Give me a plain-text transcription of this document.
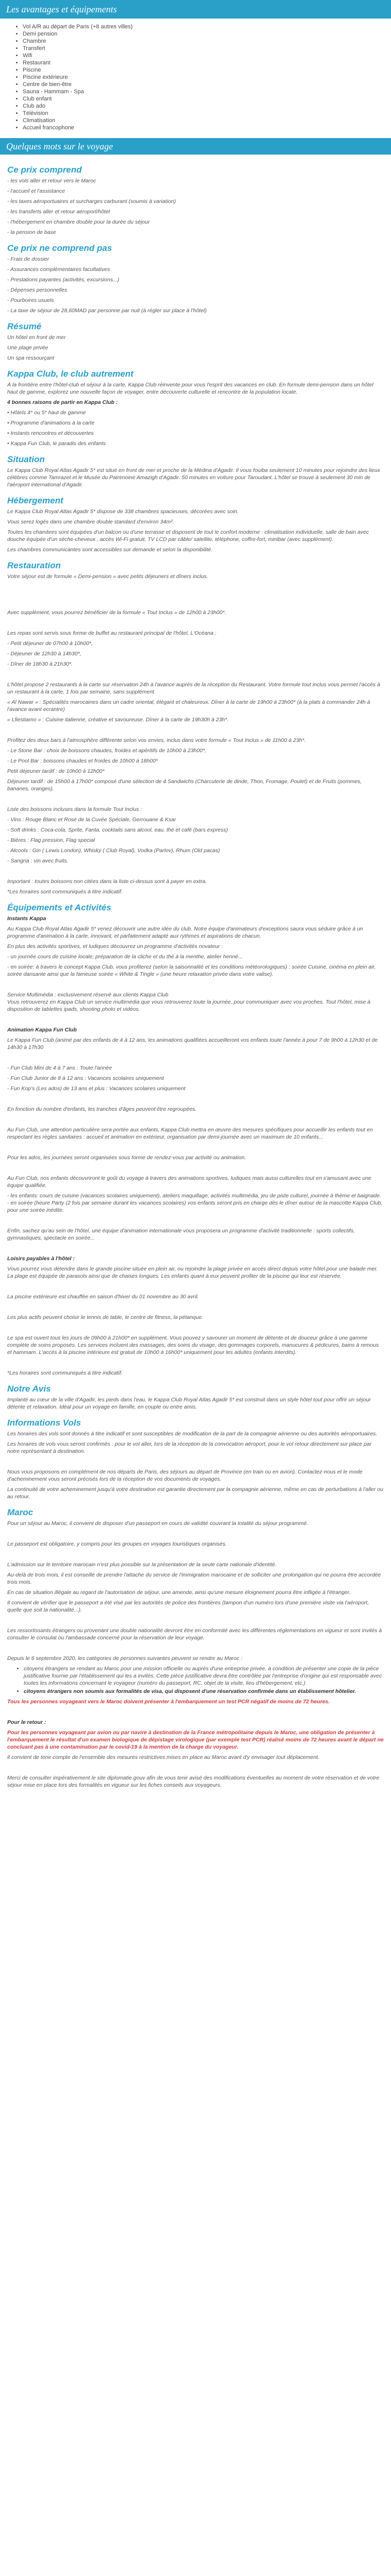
Les avantages et équipements
• Vol A/R au départ de Paris (+8 autres villes)
• Demi pension
• Chambre
• Transfert
• Wifi
• Restaurant
• Piscine
• Piscine extérieure
• Centre de bien-être
• Sauna - Hammam - Spa
• Club enfant
• Club ado
• Télévision
• Climatisation
• Accueil francophone
Quelques mots sur le voyage
Ce prix comprend
- les vols aller et retour vers le Maroc
- l'accueil et l'assistance
- les taxes aéroportuaires et surcharges carburant (soumis à variation)
- les transferts aller et retour aéroport/hôtel
- l'hébergement en chambre double pour la durée du séjour
- la pension de base
Ce prix ne comprend pas
- Frais de dossier
- Assurances complémentaires facultatives
- Prestations payantes (activités, excursions...)
- Dépenses personnelles
- Pourboires usuels
- La taxe de séjour de 28,60MAD par personne par nuit (à régler sur place à l'hôtel)
Résumé
Un hôtel en front de mer
Une plage privée
Un spa ressourçant
Kappa Club, le club autrement
À la frontière entre l'hôtel-club et séjour à la carte, Kappa Club réinvente pour vous l'esprit des vacances en club. En formule demi-pension dans un hôtel haut de gamme, explorez une nouvelle façon de voyager, entre découverte culturelle et rencontre de la population locale.
4 bonnes raisons de partir en Kappa Club :
• Hôtels 4* ou 5* haut de gamme
• Programme d'animations à la carte
• Instants rencontres et découvertes
• Kappa Fun Club, le paradis des enfants
Situation
Le Kappa Club Royal Atlas Agadir 5* est situé en front de mer et proche de la Médina d'Agadir. Il vous fouiba seulement 10 minutes pour rejoindre des lieux célèbres comme Tamrazet et le Musée du Patrimoine Amazigh d'Agadir. 50 minutes en voiture pour Taroudant. L'hôtel se trouve à seulement 30 min de l'aéroport international d'Agadir.
Hébergement
Le Kappa Club Royal Atlas Agadir 5* dispose de 338 chambres spacieuses, décorées avec soin.
Vous serez logés dans une chambre double standard d'environ 34m².
Toutes les chambres sont équipées d'un balcon ou d'une terrasse et disposent de tout le confort moderne : climatisation individuelle, salle de bain avec douche équipée d'un sèche-cheveux , accès Wi-Fi gratuit, TV LCD par câble/ satellite, téléphone, coffre-fort, minibar (avec supplément).
Les chambres communicantes sont accessibles sur demande et selon la disponibilité.
Restauration
Votre séjour est de formule « Demi-pension » avec petits déjeuners et dîners inclus.
Avec supplément, vous pourrez bénéficier de la formule « Tout Inclus » de 12h00 à 23h00*.
Les repas sont servis sous forme de buffet au restaurant principal de l'hôtel, L'Océana :
- Petit déjeuner de 07h00 à 10h00*,
- Déjeuner de 12h30 à 14h30*,
- Dîner de 18h30 à 21h30*.
L'hôtel propose 2 restaurants à la carte sur réservation 24h à l'avance auprès de la réception du Restaurant. Votre formule tout inclus vous permet l'accès à un restaurant à la carte, 1 fois par semaine, sans supplément.
« Al Nawar » : Spécialités marocaines dans un cadre oriental, élégant et chaleureux. Dîner à la carte de 19h00 à 23h00* (à la plats à commander 24h à l'avance avant ecrantre)
« Lfiestiamo » : Cuisine italienne, créative et savoureuse. Dîner à la carte de 19h30h à 23h*.
Profitez des deux bars à l'atmosphère différente selon vos envies, inclus dans votre formule « Tout Inclus » de 11h00 à 23h*.
- Le Stone Bar : choix de boissons chaudes, froides et apéritifs de 10h00 à 23h00*,
- Le Pool Bar : boissons chaudes et froides de 10h00 à 18h00*
Petit déjeuner tardif : de 10h00 à 12h00*
Déjeuner tardif : de 15h00 à 17h00* composé d'une sélection de 4 Sandwichs (Charcuterie de dinde, Thon, Fromage, Poulet) et de Fruits (pommes, bananes, oranges).
Liste des boissons incluses dans la formule Tout Inclus :
- Vins : Rouge Blanc et Rosé de la Cuvée Spéciale, Gerrouane & Ksar
- Soft drinks : Coca-cola, Sprite, Fanta, cocktails sans alcool, eau, thé et café (bars express)
- Bières : Flag pression, Flag special
- Alcools : Gin ( Lewis London), Whisky ( Club Royal), Vodka (Parlov), Rhum (Old pacas)
- Sangria : vin avec fruits.
Important : toutes boissons non citées dans la liste ci-dessus sont à payer en extra.
*Les horaires sont communiqués à titre indicatif.
Équipements et Activités
Instants Kappa
Au Kappa Club Royal Atlas Agadir 5* venez découvrir une autre idée du club. Notre équipe d'animateurs d'exceptions saura vous séduire grâce à un programme d'animation à la carte, innovant, et parfaitement adapté aux rythmes et aspirations de chacun.
En plus des activités sportives, et ludiques découvrez un programme d'activités novateur :
- un journée cours de cuisine locale, préparation de la cliche et du thé à la menthe, atelier henné...
- en soirée: à travers le concept Kappa Club, vous profiterez (selon la saisonnalité et les conditions météorologiques) : soirée Cuisine, cinéma en plein air, soirée dansante ainsi que la fameuse soirée « White & Tingle » (une heure relaxation privée dans votre valise).
Service Multimédia : exclusivement réservé aux clients Kappa Club
Vous retrouverez en Kappa Club un service multimédia que vous retrouverez toute la journée, pour communiquer avec vos proches. Tout l'hôtel, mise à disposition de tablettes ipads, shooting photo et vidéos.
Animation Kappa Fun Club
Le Kappa Fun Club (animé par des enfants de 4 à 12 ans, les animations qualifiées accueilleront vos enfants toute l'année à pour 7 de 9h00 à 12h30 et de 14h30 à 17h30
- Fun Club Mini de 4 à 7 ans : Toute l'année
- Fun Club Junior de 8 à 12 ans : Vacances scolaires uniquement
- Fun Kop's (Les ados) de 13 ans et plus : Vacances scolaires uniquement
En fonction du nombre d'enfants, les tranches d'âges peuvent être regroupées.
Au Fun Club, une attention particulière sera portée aux enfants, Kappa Club mettra en œuvre des mesures spécifiques pour accueillir les enfants tout en respectant les règles sanitaires : accueil et animation en extérieur, organisation par demi-journée avec un maximum de 10 enfants...
Pour les ados, les journées seront organisées sous forme de rendez-vous par activité ou animation.
Au Fun Club, nos enfants découvriront le goût du voyage à travers des animations sportives, ludiques mais aussi culturelles tout en s'amusant avec une équipe qualifiée.
- les enfants: cours de cuisine (vacances scolaires uniquement), ateliers maquillage, activités multimédia, jeu de piste culturel, journée à thème et baignade.
- en soirée (heure Party (2 fois par semaine durant les vacances scolaires) vos enfants seront pris en charge dès le dîner autour de la mascotte Kappa Club, pour une soirée inédite.
Enfin, sachez qu'au sein de l'hôtel, une équipe d'animation internationale vous proposera un programme d'activité traditionnelle : sports collectifs, gymnastiques, spectacle en soirée...
Loisirs payables à l'hôtel :
Vous pourrez vous détendre dans le grande piscine située en plein air, ou rejoindre la plage privée en accès direct depuis votre hôtel pour une balade mer. La plage est équipée de parasols ainsi que de chaises longues. Les enfants quant à eux peuvent profiter de la piscine qui leur est réservée.
La piscine extérieure est chauffée en saison d'hiver du 01 novembre au 30 avril.
Les plus actifs peuvent choisir le tennis de table, le centre de fitness, la pétanque.
Le spa est ouvert tous les jours de 09h00 à 21h00* en supplément. Vous pouvez y savourer un moment de détente et de douceur grâce à une gamme complète de soins proposés. Les services incluent des massages, des soins du visage, des gommages corporels, manucures & pédicures, bains à remous et hammam. L'accès à la piscine intérieure est gratuit de 10h00 à 16h00* uniquement pour les adultes (enfants interdits).
*Les horaires sont communiqués à titre indicatif.
Notre Avis
Implanté au cœur de la ville d'Agadir, les pieds dans l'eau, le Kappa Club Royal Atlas Agadir 5* est construit dans un style hôtel tout pour offrir un séjour détente et relaxation. Idéal pour un voyage en famille, en couple ou entre amis.
Informations Vols
Les horaires des vols sont donnés à titre indicatif et sont susceptibles de modification de la part de la compagnie aérienne ou des autorités aéroportuaires.
Les horaires de vols vous seront confirmés : pour le vol aller, lors de la réception de la convocation aéroport, pour le vol retour directement sur place par notre représentant à destination.
Nous vous proposons en complément de nos départs de Paris, des séjours au départ de Province (en train ou en avion). Contactez-nous et le mode d'acheminement vous seront précisés lors de la réception de vos documents de voyages.
La continuité de votre acheminement jusqu'à votre destination est garantie directement par la compagnie aérienne, même en cas de perturbations à l'aller ou au retour.
Maroc
Pour un séjour au Maroc, il convient de disposer d'un passeport en cours de validité couvrant la totalité du séjour programmé.
Le passeport est obligatoire, y compris pour les groupes en voyages touristiques organisés.
L'admission sur le territoire marocain n'est plus possible sur la présentation de la seule carte nationale d'identité.
Au-delà de trois mois, il est conseillé de prendre l'attache du service de l'immigration marocaine et de solliciter une prolongation qui ne pourra être accordée trois mois.
En cas de situation illégale au regard de l'autorisation de séjour, une amende, ainsi qu'une mesure éloignement pourra être infligée à l'étranger.
Il convient de vérifier que le passeport a été visé par les autorités de police des frontières (tampon d'un numéro lors d'une première visite via l'aéroport, quelle que soit la nationalité...).
Les ressortissants étrangers ou provenant une double nationalité devront être en conformité avec les différentes réglementations en vigueur et sont invités à consulter le consulat ou l'ambassade concerné pour la réservation de leur voyage.
Depuis le 6 septembre 2020, les catégories de personnes suivantes peuvent se rendre au Maroc :
• citoyens étrangers se rendant au Maroc pour une mission officielle ou auprès d'une entreprise privée, à condition de présenter une copie de la pièce justificative fournie par l'établissement qui les a invités. Cette pièce justificative devra être contrôlée par l'entreprise d'origine qui est responsable avec toutes les informations concernant le voyageur (numéro du passeport, RC, objet de la visite, lieu d'hébergement, etc.)
• citoyens étrangers non soumis aux formalités de visa, qui disposent d'une réservation confirmée dans un établissement hôtelier.
Tous les personnes voyageant vers le Maroc doivent présenter à l'embarquement un test PCR négatif de moins de 72 heures.
Pour le retour :
Pour les personnes voyageant par avion ou par navire à destination de la France métropolitaine depuis le Maroc, une obligation de présenter à l'embarquement le résultat d'un examen biologique de dépistage virologique (par exemple test PCR) réalisé moins de 72 heures avant le départ ne concluant pas à une contamination par le covid-19 à la mention de la charge du voyageur.
Il convient de tenir compte de l'ensemble des mesures restrictives mises en place au Maroc avant d'y envisager tout déplacement.
Merci de consulter impérativement le site diplomatie.gouv afin de vous tenir avisé des modifications éventuelles au moment de votre réservation et de votre séjour mise en place lors des formalités en vigueur sur les fiches conseils aux voyageurs.
